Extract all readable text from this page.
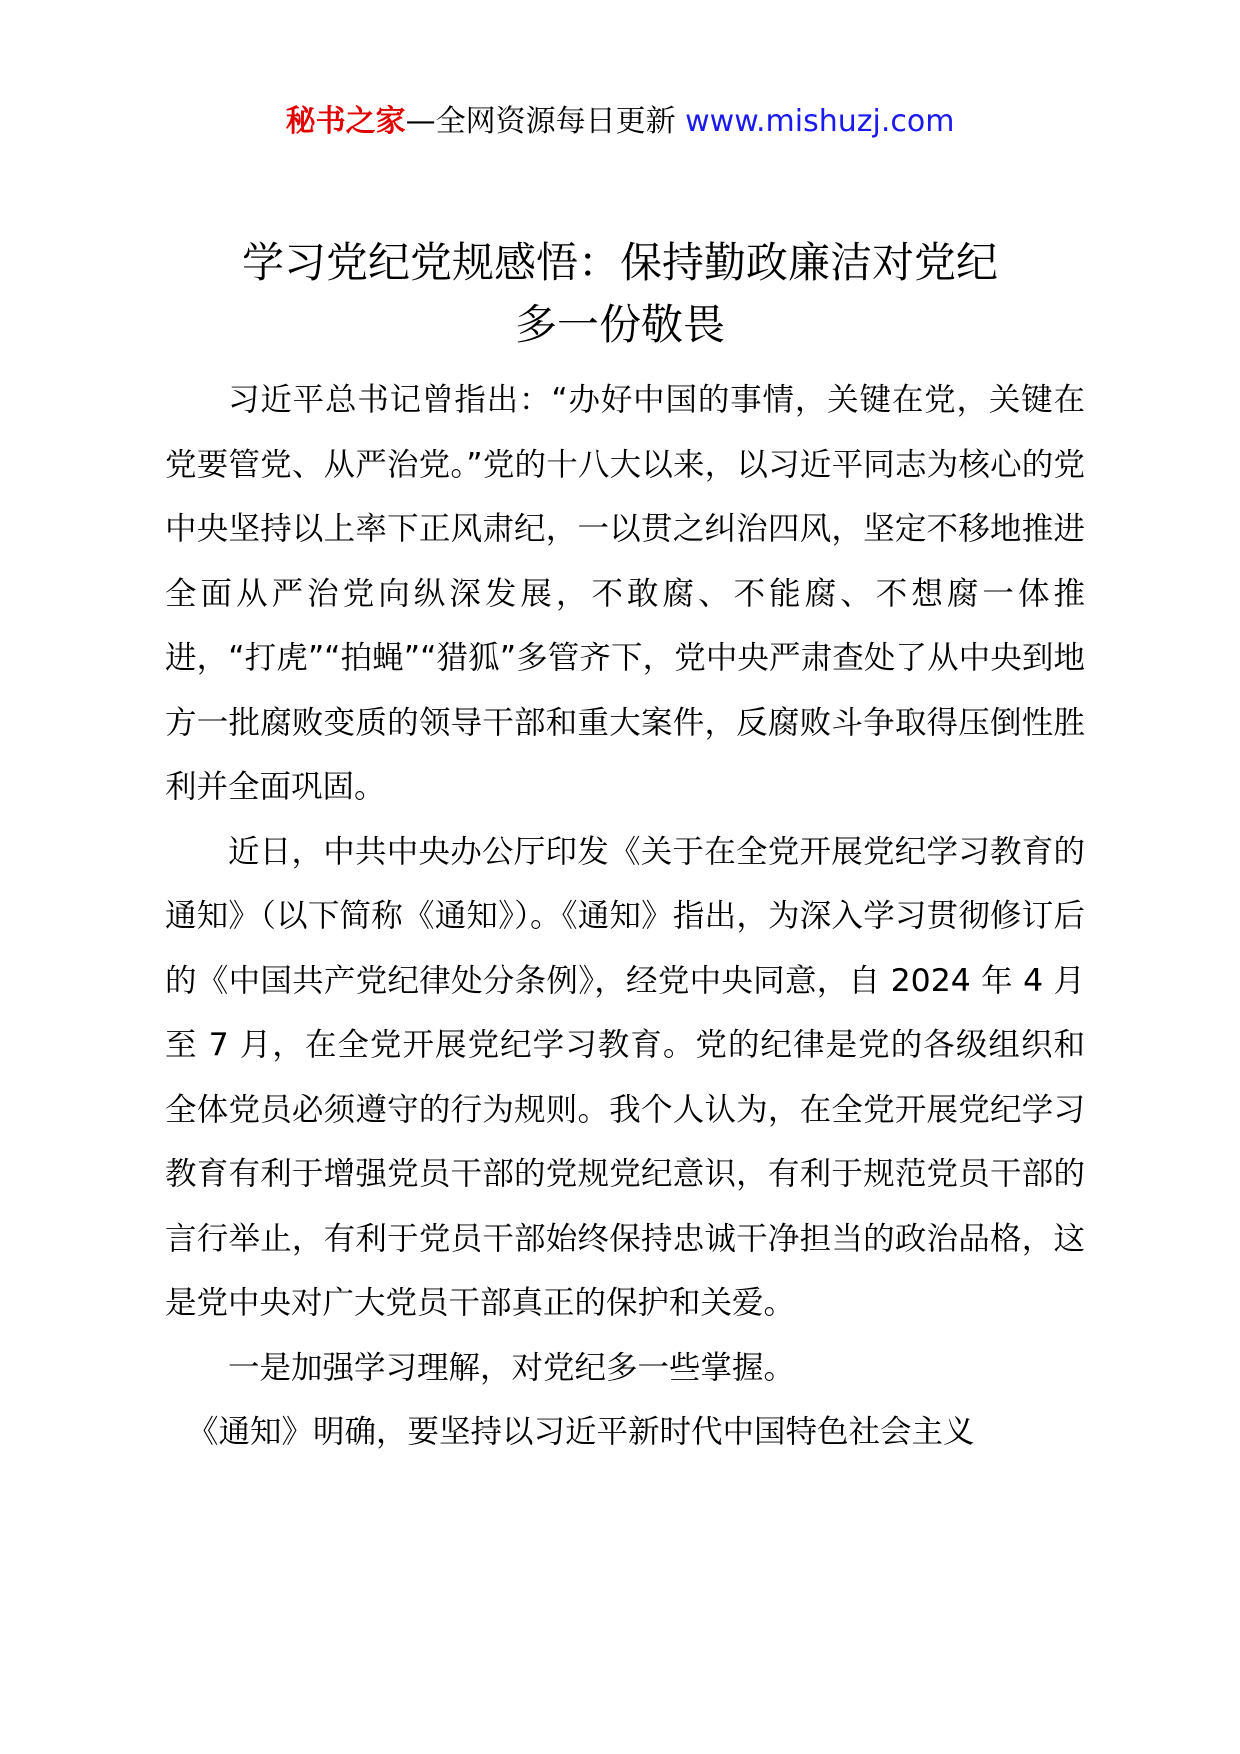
秘书之家—全网资源每日更新 www.mishuzj.com
学习党纪党规感悟：保持勤政廉洁对党纪
多一份敬畏

习近平总书记曾指出：“办好中国的事情，关键在党，关键在党要管党、从严治党。”党的十八大以来，以习近平同志为核心的党中央坚持以上率下正风肃纪，一以贯之纠治四风，坚定不移地推进全面从严治党向纵深发展，不敢腐、不能腐、不想腐一体推进，“打虎”“拍蝇”“猎狐”多管齐下，党中央严肃查处了从中央到地方一批腐败变质的领导干部和重大案件，反腐败斗争取得压倒性胜利并全面巩固。

近日，中共中央办公厅印发《关于在全党开展党纪学习教育的通知》（以下简称《通知》）。《通知》指出，为深入学习贯彻修订后的《中国共产党纪律处分条例》，经党中央同意，自 2024 年 4 月至 7 月，在全党开展党纪学习教育。党的纪律是党的各级组织和全体党员必须遵守的行为规则。我个人认为，在全党开展党纪学习教育有利于增强党员干部的党规党纪意识，有利于规范党员干部的言行举止，有利于党员干部始终保持忠诚干净担当的政治品格，这是党中央对广大党员干部真正的保护和关爱。

一是加强学习理解，对党纪多一些掌握。

《通知》明确，要坚持以习近平新时代中国特色社会主义
